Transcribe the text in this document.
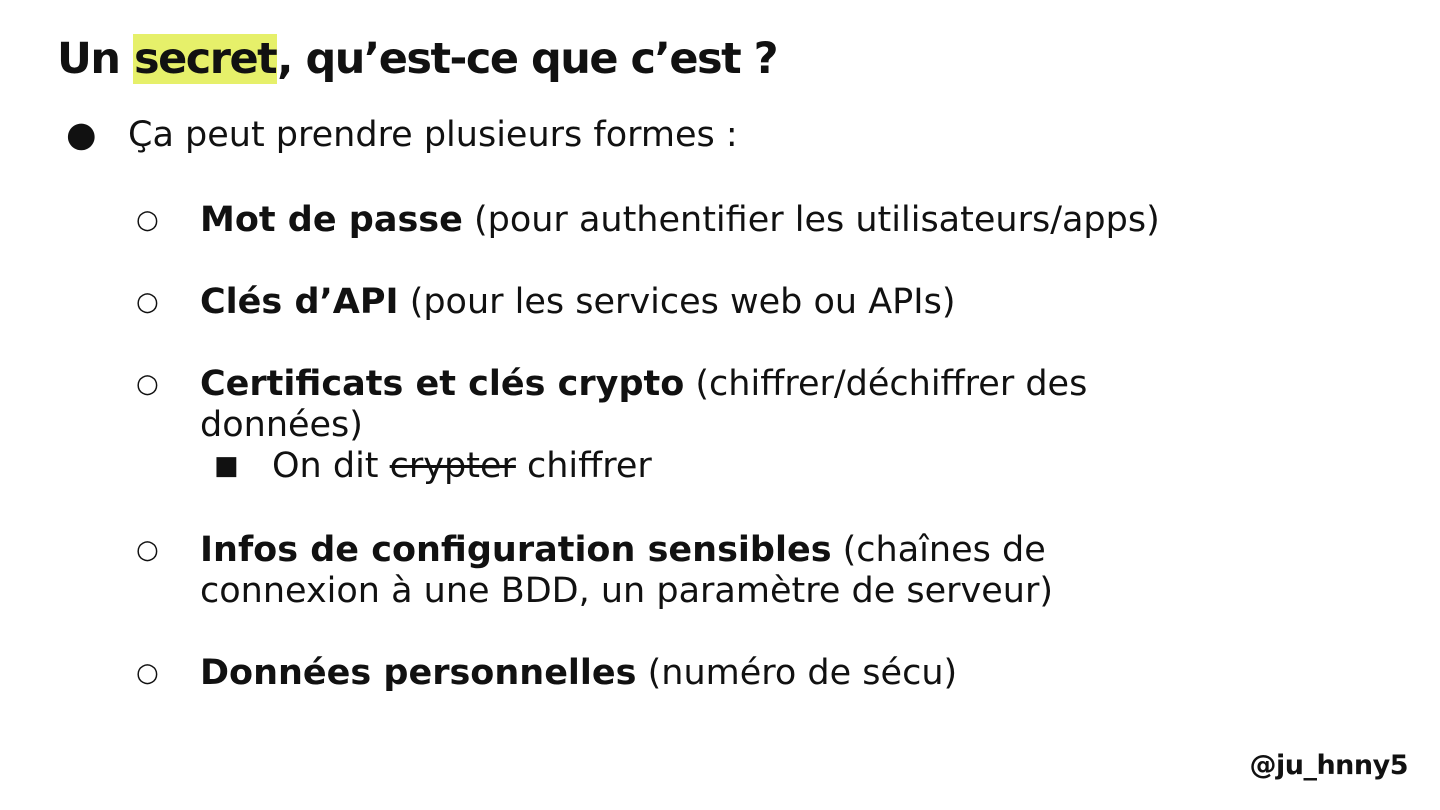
Un secret, qu’est-ce que c’est ?
● Ça peut prendre plusieurs formes :
○ Mot de passe (pour authentifier les utilisateurs/apps)
○ Clés d’API (pour les services web ou APIs)
○ Certificats et clés crypto (chiffrer/déchiffrer des
données)
■ On dit crypter chiffrer
○ Infos de configuration sensibles (chaînes de
connexion à une BDD, un paramètre de serveur)
○ Données personnelles (numéro de sécu)
@ju_hnny5
